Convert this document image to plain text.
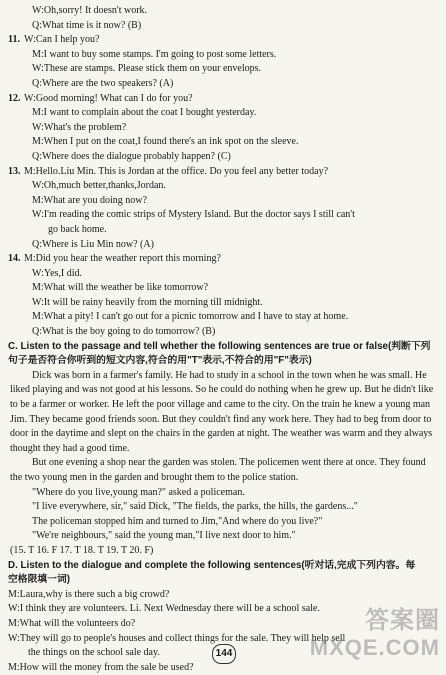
W:Oh,sorry! It doesn't work.
Q:What time is it now? (B)
11. W:Can I help you?
M:I want to buy some stamps. I'm going to post some letters.
W:These are stamps. Please stick them on your envelops.
Q:Where are the two speakers? (A)
12. W:Good morning! What can I do for you?
M:I want to complain about the coat I bought yesterday.
W:What's the problem?
M:When I put on the coat,I found there's an ink spot on the sleeve.
Q:Where does the dialogue probably happen? (C)
13. M:Hello.Liu Min. This is Jordan at the office. Do you feel any better today?
W:Oh,much better,thanks,Jordan.
M:What are you doing now?
W:I'm reading the comic strips of Mystery Island. But the doctor says I still can't
go back home.
Q:Where is Liu Min now? (A)
14. M:Did you hear the weather report this morning?
W:Yes,I did.
M:What will the weather be like tomorrow?
W:It will be rainy heavily from the morning till midnight.
M:What a pity! I can't go out for a picnic tomorrow and I have to stay at home.
Q:What is the boy going to do tomorrow? (B)
C. Listen to the passage and tell whether the following sentences are true or false(判断下列
句子是否符合你听到的短文内容,符合的用"T"表示,不符合的用"F"表示)
Dick was born in a farmer's family. He had to study in a school in the town when he was small. He liked playing and was not good at his lessons. So he could do nothing when he grew up. But he didn't like to be a farmer or worker. He left the poor village and came to the city. On the train he knew a young man Jim. They became good friends soon. But they couldn't find any work here. They had to beg from door to door in the daytime and slept on the chairs in the garden at night. The weather was warm and they always thought they had a good time.
But one evening a shop near the garden was stolen. The policemen went there at once. They found the two young men in the garden and brought them to the police station.
"Where do you live,young man?" asked a policeman.
"I live everywhere, sir," said Dick, "The fields, the parks, the hills, the gardens..."
The policeman stopped him and turned to Jim,"And where do you live?"
"We're neighbours," said the young man,"I live next door to him."
(15. T 16. F 17. T 18. T 19. T 20. F)
D. Listen to the dialogue and complete the following sentences(听对话,完成下列内容。每
空格限填一词)
M:Laura,why is there such a big crowd?
W:I think they are volunteers. Li. Next Wednesday there will be a school sale.
M:What will the volunteers do?
W:They will go to people's houses and collect things for the sale. They will help sell
the things on the school sale day.
M:How will the money from the sale be used?
144
答案圈
MXQE.COM
